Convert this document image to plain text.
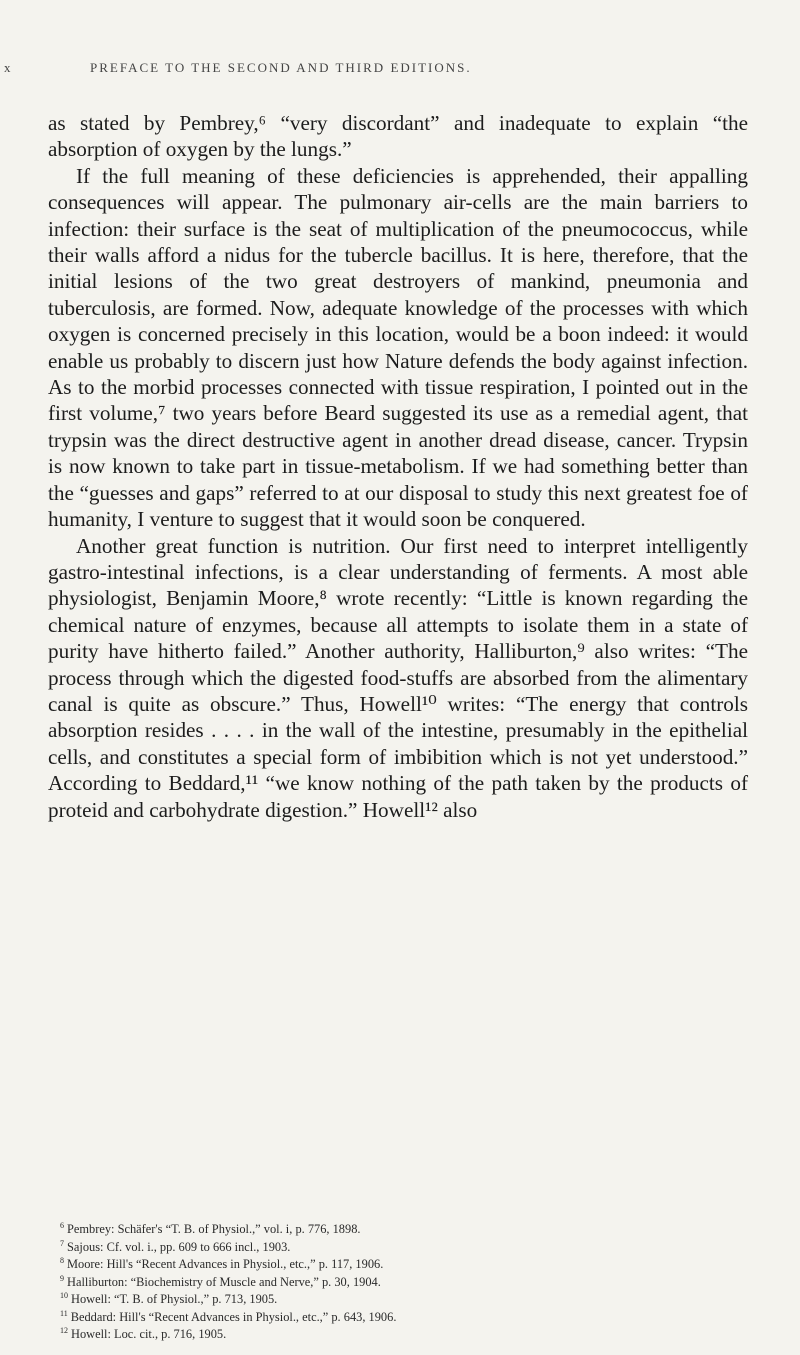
x	PREFACE TO THE SECOND AND THIRD EDITIONS.

as stated by Pembrey,⁶ “very discordant” and inadequate to explain “the absorption of oxygen by the lungs.”

If the full meaning of these deficiencies is apprehended, their appalling consequences will appear. The pulmonary air-cells are the main barriers to infection: their surface is the seat of multiplication of the pneumococcus, while their walls afford a nidus for the tubercle bacillus. It is here, therefore, that the initial lesions of the two great destroyers of mankind, pneumonia and tuberculosis, are formed. Now, adequate knowledge of the processes with which oxygen is concerned precisely in this location, would be a boon indeed: it would enable us probably to discern just how Nature defends the body against infection. As to the morbid processes connected with tissue respiration, I pointed out in the first volume,⁷ two years before Beard suggested its use as a remedial agent, that trypsin was the direct destructive agent in another dread disease, cancer. Trypsin is now known to take part in tissue-metabolism. If we had something better than the “guesses and gaps” referred to at our disposal to study this next greatest foe of humanity, I venture to suggest that it would soon be conquered.

Another great function is nutrition. Our first need to interpret intelligently gastro-intestinal infections, is a clear understanding of ferments. A most able physiologist, Benjamin Moore,⁸ wrote recently: “Little is known regarding the chemical nature of enzymes, because all attempts to isolate them in a state of purity have hitherto failed.” Another authority, Halliburton,⁹ also writes: “The process through which the digested food-stuffs are absorbed from the alimentary canal is quite as obscure.” Thus, Howell¹⁰ writes: “The energy that controls absorption resides . . . . in the wall of the intestine, presumably in the epithelial cells, and constitutes a special form of imbibition which is not yet understood.” According to Beddard,¹¹ “we know nothing of the path taken by the products of proteid and carbohydrate digestion.” Howell¹² also

$^6$ Pembrey: Schäfer's “T. B. of Physiol.,” vol. i, p. 776, 1898.
$^7$ Sajous: Cf. vol. i., pp. 609 to 666 incl., 1903.
$^8$ Moore: Hill's “Recent Advances in Physiol., etc.,” p. 117, 1906.
$^9$ Halliburton: “Biochemistry of Muscle and Nerve,” p. 30, 1904.
$^{10}$ Howell: “T. B. of Physiol.,” p. 713, 1905.
$^{11}$ Beddard: Hill's “Recent Advances in Physiol., etc.,” p. 643, 1906.
$^{12}$ Howell: Loc. cit., p. 716, 1905.
